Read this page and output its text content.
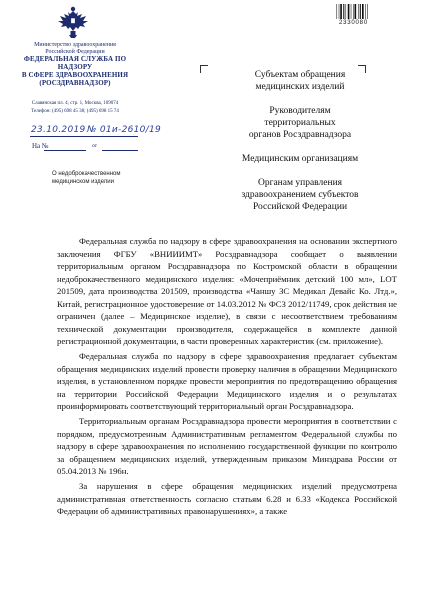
Министерство здравоохранения
Российской Федерации
ФЕДЕРАЛЬНАЯ СЛУЖБА ПО НАДЗОРУ
В СФЕРЕ ЗДРАВООХРАНЕНИЯ
(РОСЗДРАВНАДЗОР)
Славянская пл. 4, стр. 1, Москва, 109074
Телефон: (495) 698 45 38; (495) 698 15 74
23.10.2019 № 01и-2610/19
На №	от
О недоброкачественном
медицинском изделии
2330080
Субъектам обращения
медицинских изделий
Руководителям
территориальных
органов Росздравнадзора
Медицинским организациям
Органам управления
здравоохранением субъектов
Российской Федерации

Федеральная служба по надзору в сфере здравоохранения на основании экспертного заключения ФГБУ «ВНИИИМТ» Росздравнадзора сообщает о выявлении территориальным органом Росздравнадзора по Костромской области в обращении недоброкачественного медицинского изделия: «Мочеприёмник детский 100 мл», LOT 201509, дата производства 201509, производства «Чаншу ЗС Медикал Девайс Ко. Лтд.», Китай, регистрационное удостоверение от 14.03.2012 № ФСЗ 2012/11749, срок действия не ограничен (далее – Медицинское изделие), в связи с несоответствием требованиям технической документации производителя, содержащейся в комплекте данной регистрационной документации, в части проверенных характеристик (см. приложение).

Федеральная служба по надзору в сфере здравоохранения предлагает субъектам обращения медицинских изделий провести проверку наличия в обращении Медицинского изделия, в установленном порядке провести мероприятия по предотвращению обращения на территории Российской Федерации Медицинского изделия и о результатах проинформировать соответствующий территориальный орган Росздравнадзора.

Территориальным органам Росздравнадзора провести мероприятия в соответствии с порядком, предусмотренным Административным регламентом Федеральной службы по надзору в сфере здравоохранения по исполнению государственной функции по контролю за обращением медицинских изделий, утвержденным приказом Минздрава России от 05.04.2013 № 196н.

За нарушения в сфере обращения медицинских изделий предусмотрена административная ответственность согласно статьям 6.28 и 6.33 «Кодекса Российской Федерации об административных правонарушениях», а также
